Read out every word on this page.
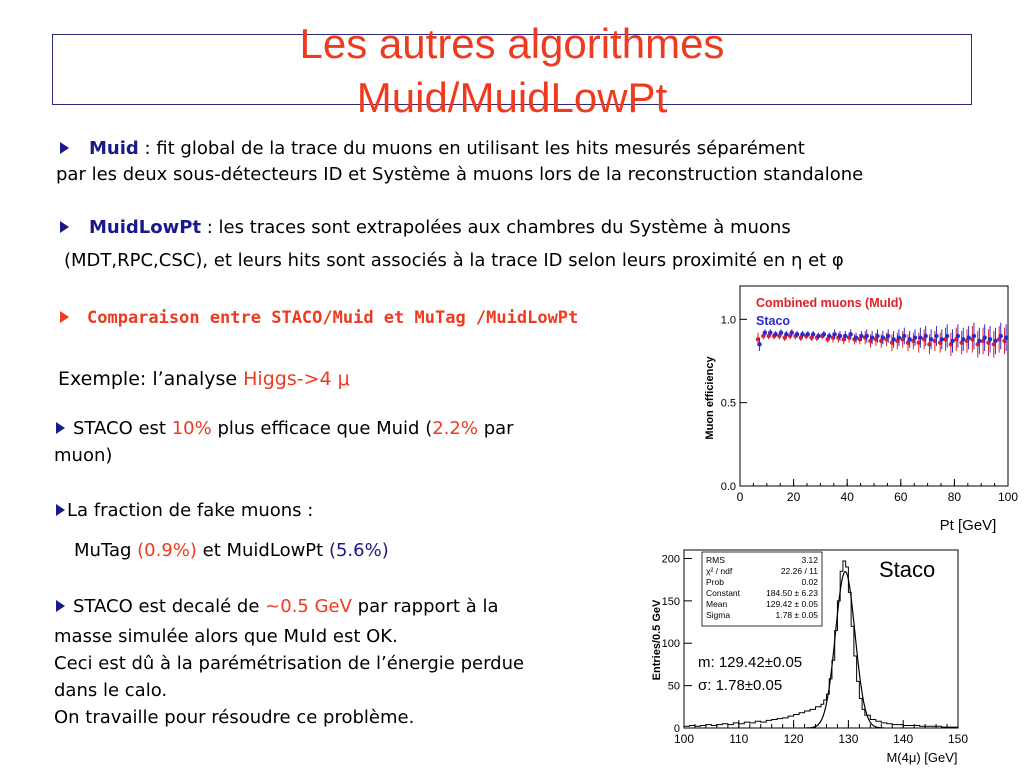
Les autres algorithmes
Muid/MuidLowPt
Muid : fit global de la trace du muons en utilisant les hits mesurés séparément
par les deux sous-détecteurs ID et Système à muons lors de la reconstruction standalone
MuidLowPt : les traces sont extrapolées aux chambres du Système à muons
(MDT,RPC,CSC), et leurs hits sont associés à la trace ID selon leurs proximité en η et φ
Comparaison entre STACO/Muid et MuTag /MuidLowPt
Exemple: l’analyse Higgs->4 μ
STACO est 10% plus efficace que Muid (2.2% par
muon)
La fraction de fake muons :
MuTag (0.9%) et MuidLowPt (5.6%)
STACO est decalé de ~0.5 GeV par rapport à la
masse simulée alors que MuId est OK.
Ceci est dû à la parémétrisation de l’énergie perdue
dans le calo.
On travaille pour résoudre ce problème.
0	20	40	60	80	100
0.0
0.5
1.0
Muon efficiency
Pt [GeV]
Combined muons (MuId)
Staco
100	110	120	130	140	150
0
50
100
150
200
Entries/0.5 GeV
M(4μ) [GeV]
Staco
RMS	3.12
χ² / ndf	22.26 / 11
Prob	0.02
Constant	184.50 ± 6.23
Mean	129.42 ± 0.05
Sigma	1.78 ± 0.05
m: 129.42±0.05
σ: 1.78±0.05
